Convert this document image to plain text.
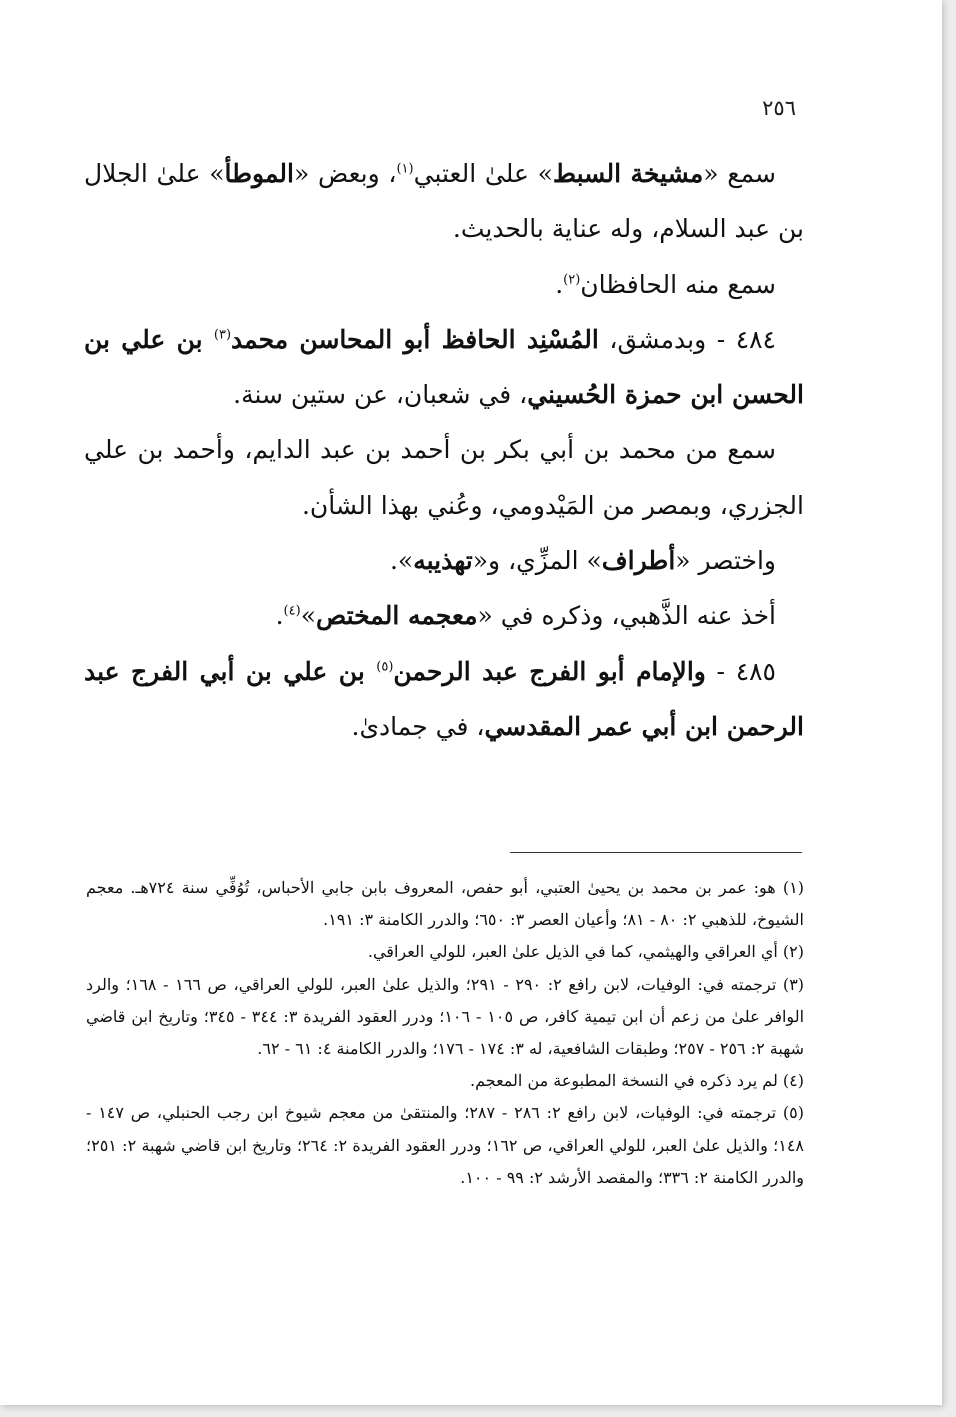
٢٥٦

سمع «مشيخة السبط» علىٰ العتبي$^{(١)}$، وبعض «الموطأ» علىٰ الجلال بن عبد السلام، وله عناية بالحديث.

سمع منه الحافظان$^{(٢)}$.

٤٨٤ - وبدمشق، المُسْنِد الحافظ أبو المحاسن محمد$^{(٣)}$ بن علي بن الحسن ابن حمزة الحُسيني، في شعبان، عن ستين سنة.

سمع من محمد بن أبي بكر بن أحمد بن عبد الدايم، وأحمد بن علي الجزري، وبمصر من المَيْدومي، وعُني بهذا الشأن.

واختصر «أطراف» المزِّي، و«تهذيبه».

أخذ عنه الذَّهبي، وذكره في «معجمه المختص»$^{(٤)}$.

٤٨٥ - والإمام أبو الفرج عبد الرحمن$^{(٥)}$ بن علي بن أبي الفرج عبد الرحمن ابن أبي عمر المقدسي، في جمادىٰ.

(١) هو: عمر بن محمد بن يحيىٰ العتبي، أبو حفص، المعروف بابن جابي الأحباس، تُوُفِّي سنة ٧٢٤هـ. معجم الشيوخ، للذهبي ٢: ٨٠ - ٨١؛ وأعيان العصر ٣: ٦٥٠؛ والدرر الكامنة ٣: ١٩١.

(٢) أي العراقي والهيثمي، كما في الذيل علىٰ العبر، للولي العراقي.

(٣) ترجمته في: الوفيات، لابن رافع ٢: ٢٩٠ - ٢٩١؛ والذيل علىٰ العبر، للولي العراقي، ص ١٦٦ - ١٦٨؛ والرد الوافر علىٰ من زعم أن ابن تيمية كافر، ص ١٠٥ - ١٠٦؛ ودرر العقود الفريدة ٣: ٣٤٤ - ٣٤٥؛ وتاريخ ابن قاضي شهبة ٢: ٢٥٦ - ٢٥٧؛ وطبقات الشافعية، له ٣: ١٧٤ - ١٧٦؛ والدرر الكامنة ٤: ٦١ - ٦٢.

(٤) لم يرد ذكره في النسخة المطبوعة من المعجم.

(٥) ترجمته في: الوفيات، لابن رافع ٢: ٢٨٦ - ٢٨٧؛ والمنتقىٰ من معجم شيوخ ابن رجب الحنبلي، ص ١٤٧ - ١٤٨؛ والذيل علىٰ العبر، للولي العراقي، ص ١٦٢؛ ودرر العقود الفريدة ٢: ٢٦٤؛ وتاريخ ابن قاضي شهبة ٢: ٢٥١؛ والدرر الكامنة ٢: ٣٣٦؛ والمقصد الأرشد ٢: ٩٩ - ١٠٠.
